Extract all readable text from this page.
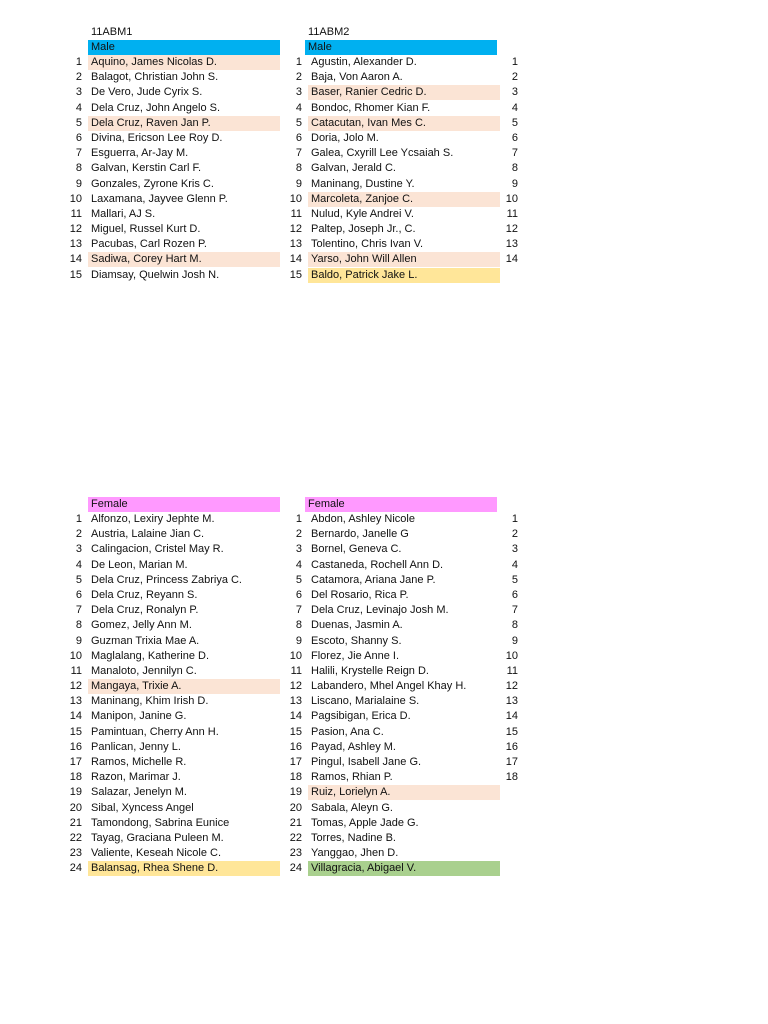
11ABM1	11ABM2
Male	Male
1 Aquino, James Nicolas D.
2 Balagot, Christian John S.
3 De Vero, Jude Cyrix S.
4 Dela Cruz, John Angelo S.
5 Dela Cruz, Raven Jan P.
6 Divina, Ericson Lee Roy D.
7 Esguerra, Ar-Jay M.
8 Galvan, Kerstin Carl F.
9 Gonzales, Zyrone Kris C.
10 Laxamana, Jayvee Glenn P.
11 Mallari, AJ S.
12 Miguel, Russel Kurt D.
13 Pacubas, Carl Rozen P.
14 Sadiwa, Corey Hart M.
15 Diamsay, Quelwin Josh N.
1 Agustin, Alexander D.	1
2 Baja, Von Aaron A.	2
3 Baser, Ranier Cedric D.	3
4 Bondoc, Rhomer Kian F.	4
5 Catacutan, Ivan Mes C.	5
6 Doria, Jolo M.	6
7 Galea, Cxyrill Lee Ycsaiah S.	7
8 Galvan, Jerald C.	8
9 Maninang, Dustine Y.	9
10 Marcoleta, Zanjoe C.	10
11 Nulud, Kyle Andrei V.	11
12 Paltep, Joseph Jr., C.	12
13 Tolentino, Chris Ivan V.	13
14 Yarso, John Will Allen	14
15 Baldo, Patrick Jake L.
Female	Female
1 Alfonzo, Lexiry Jephte M.
2 Austria, Lalaine Jian C.
3 Calingacion, Cristel May R.
4 De Leon, Marian M.
5 Dela Cruz, Princess Zabriya C.
6 Dela Cruz, Reyann S.
7 Dela Cruz, Ronalyn P.
8 Gomez, Jelly Ann M.
9 Guzman Trixia Mae A.
10 Maglalang, Katherine D.
11 Manaloto, Jennilyn C.
12 Mangaya, Trixie A.
13 Maninang, Khim Irish D.
14 Manipon, Janine G.
15 Pamintuan, Cherry Ann H.
16 Panlican, Jenny L.
17 Ramos, Michelle R.
18 Razon, Marimar J.
19 Salazar, Jenelyn M.
20 Sibal, Xyncess Angel
21 Tamondong, Sabrina Eunice
22 Tayag, Graciana Puleen M.
23 Valiente, Keseah Nicole C.
24 Balansag, Rhea Shene D.
1 Abdon, Ashley Nicole	1
2 Bernardo, Janelle G	2
3 Bornel, Geneva C.	3
4 Castaneda, Rochell Ann D.	4
5 Catamora, Ariana Jane P.	5
6 Del Rosario, Rica P.	6
7 Dela Cruz, Levinajo Josh M.	7
8 Duenas, Jasmin A.	8
9 Escoto, Shanny S.	9
10 Florez, Jie Anne I.	10
11 Halili, Krystelle Reign D.	11
12 Labandero, Mhel Angel Khay H.	12
13 Liscano, Marialaine S.	13
14 Pagsibigan, Erica D.	14
15 Pasion, Ana C.	15
16 Payad, Ashley M.	16
17 Pingul, Isabell Jane G.	17
18 Ramos, Rhian P.	18
19 Ruiz, Lorielyn A.
20 Sabala, Aleyn G.
21 Tomas, Apple Jade G.
22 Torres, Nadine B.
23 Yanggao, Jhen D.
24 Villagracia, Abigael V.
